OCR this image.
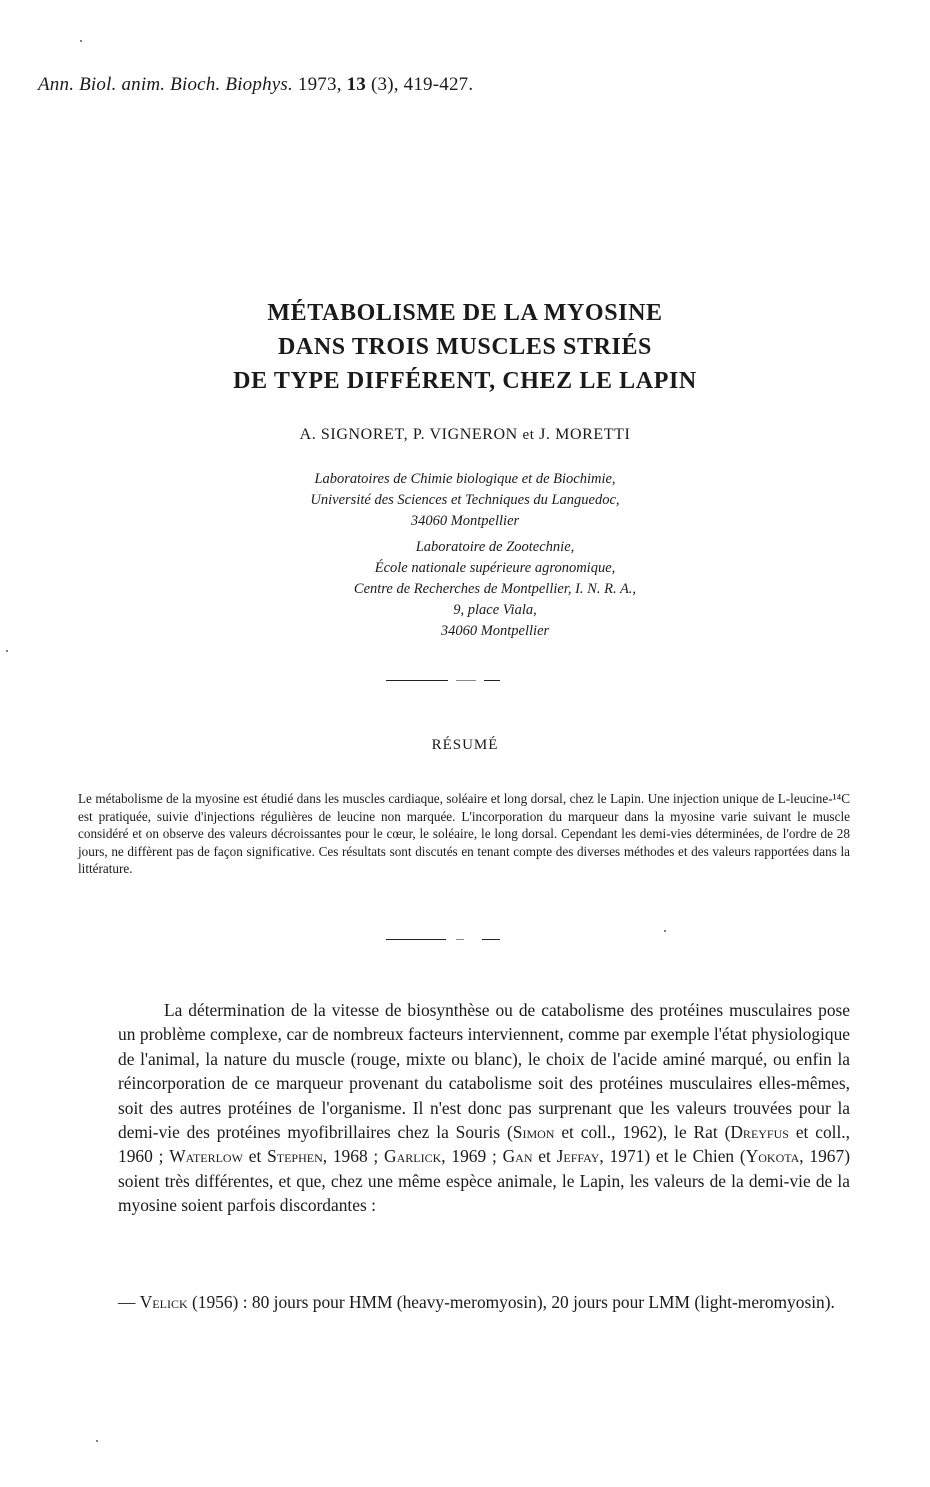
Ann. Biol. anim. Bioch. Biophys. 1973, 13 (3), 419-427.
MÉTABOLISME DE LA MYOSINE
DANS TROIS MUSCLES STRIÉS
DE TYPE DIFFÉRENT, CHEZ LE LAPIN
A. SIGNORET, P. VIGNERON et J. MORETTI
Laboratoires de Chimie biologique et de Biochimie,
Université des Sciences et Techniques du Languedoc,
34060 Montpellier
Laboratoire de Zootechnie,
École nationale supérieure agronomique,
Centre de Recherches de Montpellier, I. N. R. A.,
9, place Viala,
34060 Montpellier
RÉSUMÉ
Le métabolisme de la myosine est étudié dans les muscles cardiaque, soléaire et long dorsal, chez le Lapin. Une injection unique de L-leucine-¹⁴C est pratiquée, suivie d'injections régulières de leucine non marquée. L'incorporation du marqueur dans la myosine varie suivant le muscle considéré et on observe des valeurs décroissantes pour le cœur, le soléaire, le long dorsal. Cependant les demi-vies déterminées, de l'ordre de 28 jours, ne diffèrent pas de façon significative. Ces résultats sont discutés en tenant compte des diverses méthodes et des valeurs rapportées dans la littérature.

La détermination de la vitesse de biosynthèse ou de catabolisme des protéines musculaires pose un problème complexe, car de nombreux facteurs interviennent, comme par exemple l'état physiologique de l'animal, la nature du muscle (rouge, mixte ou blanc), le choix de l'acide aminé marqué, ou enfin la réincorporation de ce marqueur provenant du catabolisme soit des protéines musculaires elles-mêmes, soit des autres protéines de l'organisme. Il n'est donc pas surprenant que les valeurs trouvées pour la demi-vie des protéines myofibrillaires chez la Souris (Simon et coll., 1962), le Rat (Dreyfus et coll., 1960 ; Waterlow et Stephen, 1968 ; Garlick, 1969 ; Gan et Jeffay, 1971) et le Chien (Yokota, 1967) soient très différentes, et que, chez une même espèce animale, le Lapin, les valeurs de la demi-vie de la myosine soient parfois discordantes :

— Velick (1956) : 80 jours pour HMM (heavy-meromyosin), 20 jours pour LMM (light-meromyosin).
